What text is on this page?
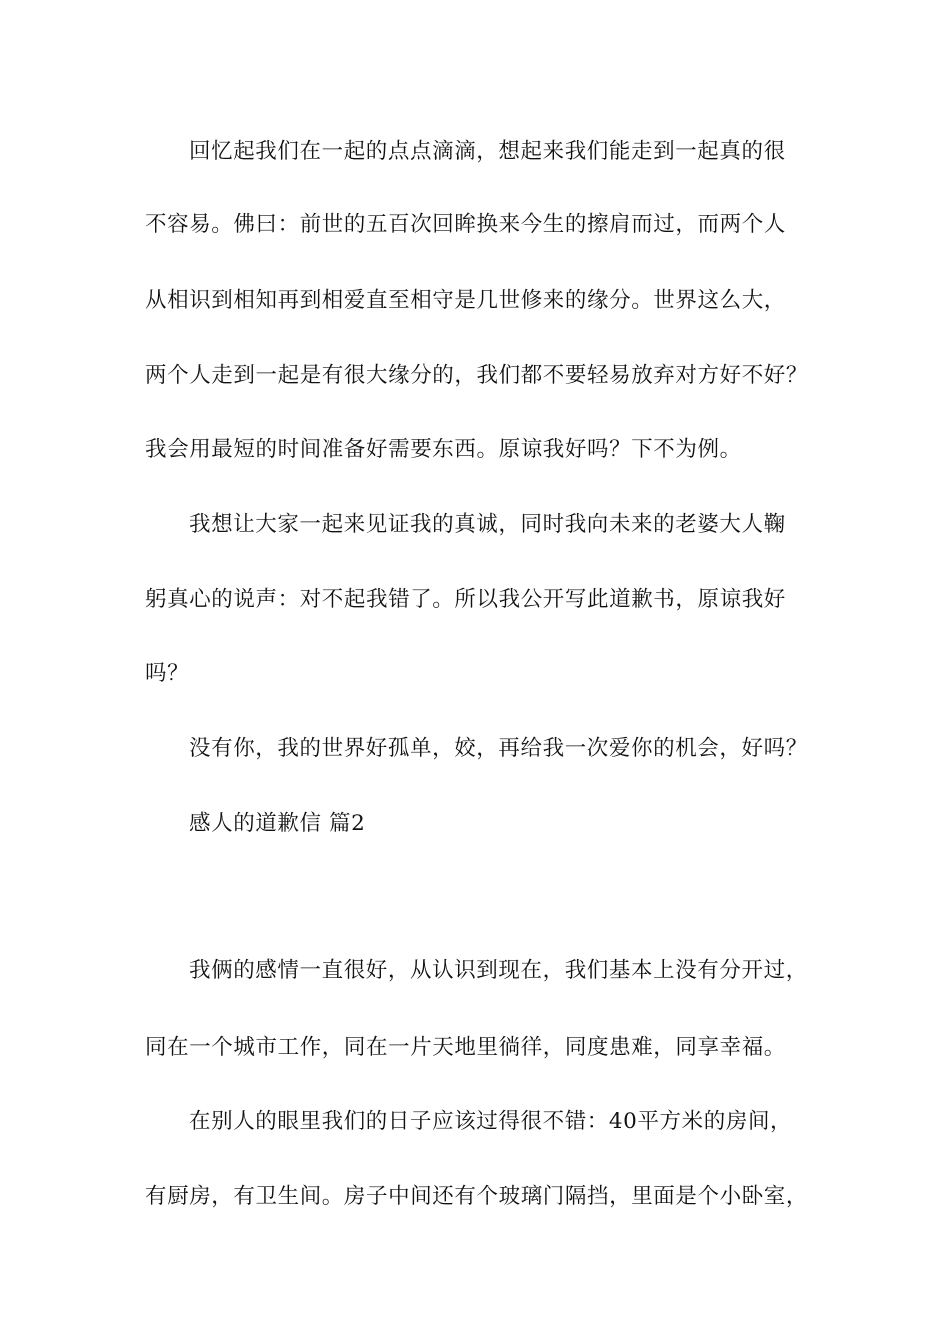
回忆起我们在一起的点点滴滴，想起来我们能走到一起真的很
不容易。佛曰：前世的五百次回眸换来今生的擦肩而过，而两个人
从相识到相知再到相爱直至相守是几世修来的缘分。世界这么大，
两个人走到一起是有很大缘分的，我们都不要轻易放弃对方好不好？
我会用最短的时间准备好需要东西。原谅我好吗？下不为例。
我想让大家一起来见证我的真诚，同时我向未来的老婆大人鞠
躬真心的说声：对不起我错了。所以我公开写此道歉书，原谅我好
吗？
没有你，我的世界好孤单，姣，再给我一次爱你的机会，好吗？
感人的道歉信 篇2
我俩的感情一直很好，从认识到现在，我们基本上没有分开过，
同在一个城市工作，同在一片天地里徜徉，同度患难，同享幸福。
在别人的眼里我们的日子应该过得很不错：40平方米的房间，
有厨房，有卫生间。房子中间还有个玻璃门隔挡，里面是个小卧室，
